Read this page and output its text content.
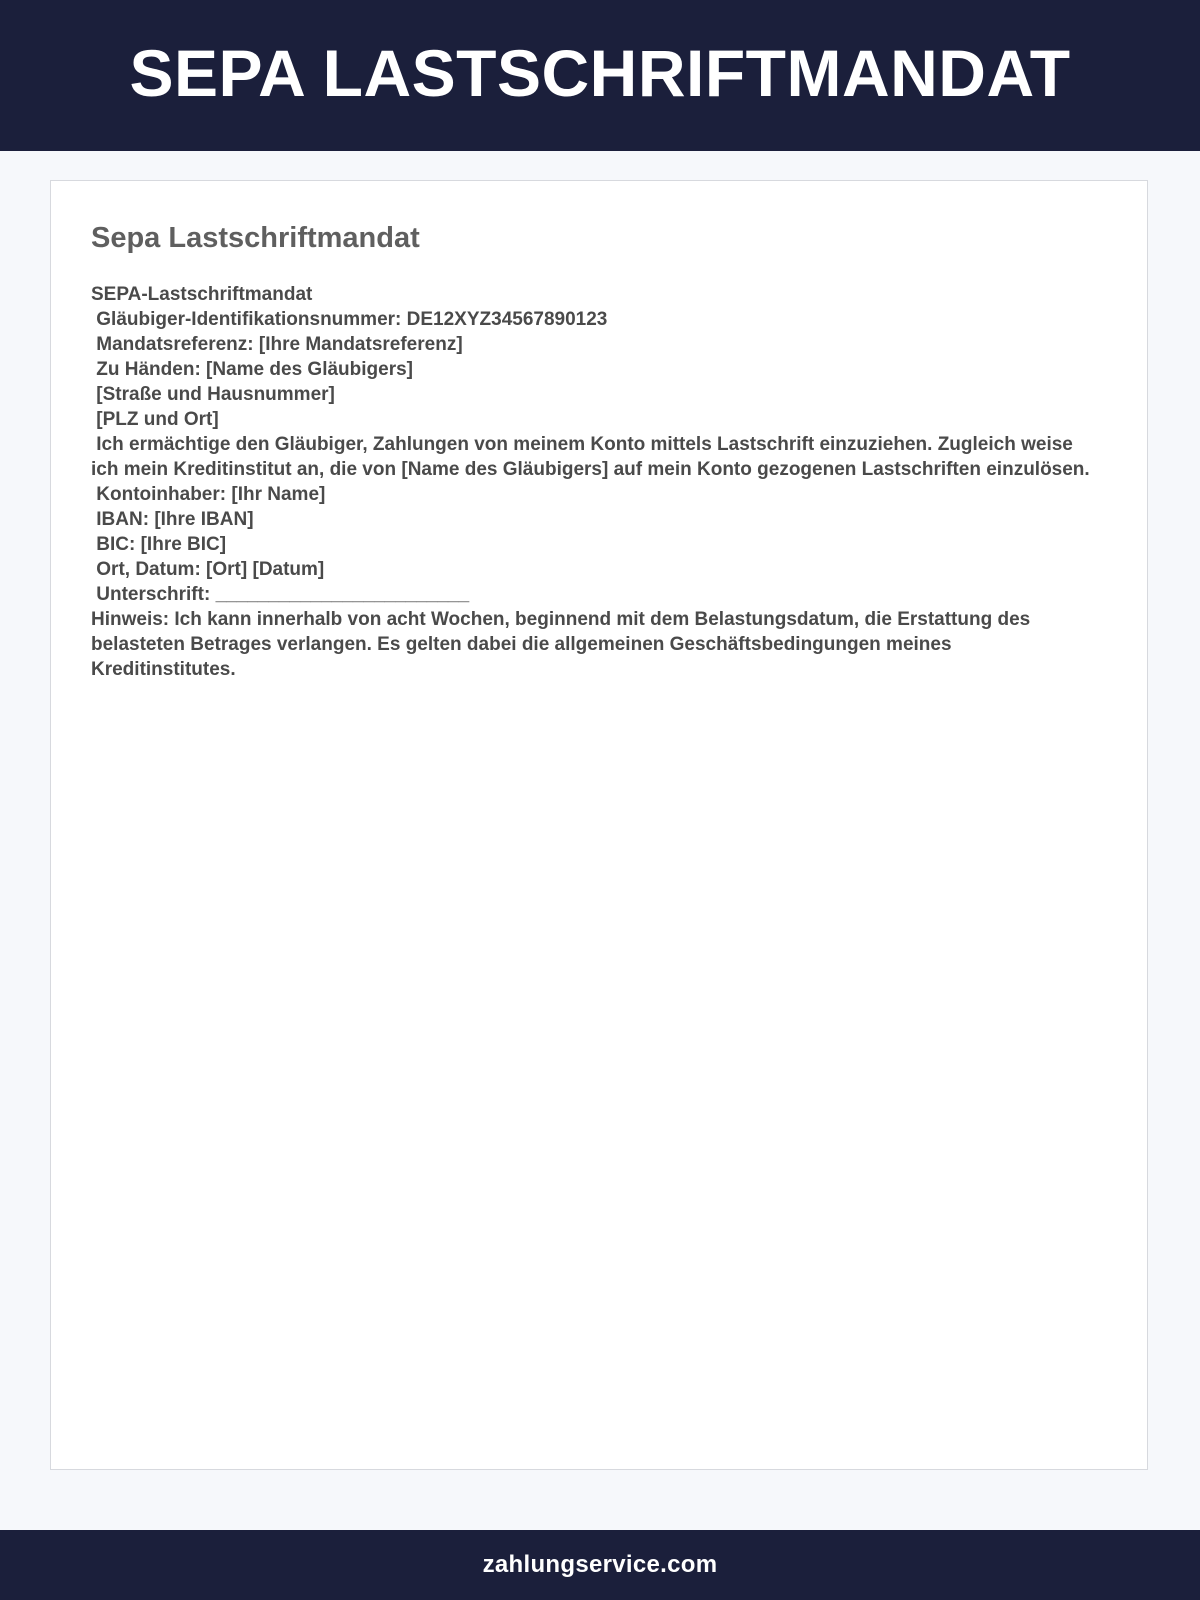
SEPA LASTSCHRIFTMANDAT
Sepa Lastschriftmandat
SEPA-Lastschriftmandat
Gläubiger-Identifikationsnummer: DE12XYZ34567890123
Mandatsreferenz: [Ihre Mandatsreferenz]
Zu Händen: [Name des Gläubigers]
[Straße und Hausnummer]
[PLZ und Ort]
Ich ermächtige den Gläubiger, Zahlungen von meinem Konto mittels Lastschrift einzuziehen. Zugleich weise ich mein Kreditinstitut an, die von [Name des Gläubigers] auf mein Konto gezogenen Lastschriften einzulösen.
Kontoinhaber: [Ihr Name]
IBAN: [Ihre IBAN]
BIC: [Ihre BIC]
Ort, Datum: [Ort] [Datum]
Unterschrift: ________________________
Hinweis: Ich kann innerhalb von acht Wochen, beginnend mit dem Belastungsdatum, die Erstattung des belasteten Betrages verlangen. Es gelten dabei die allgemeinen Geschäftsbedingungen meines Kreditinstitutes.
zahlungservice.com
